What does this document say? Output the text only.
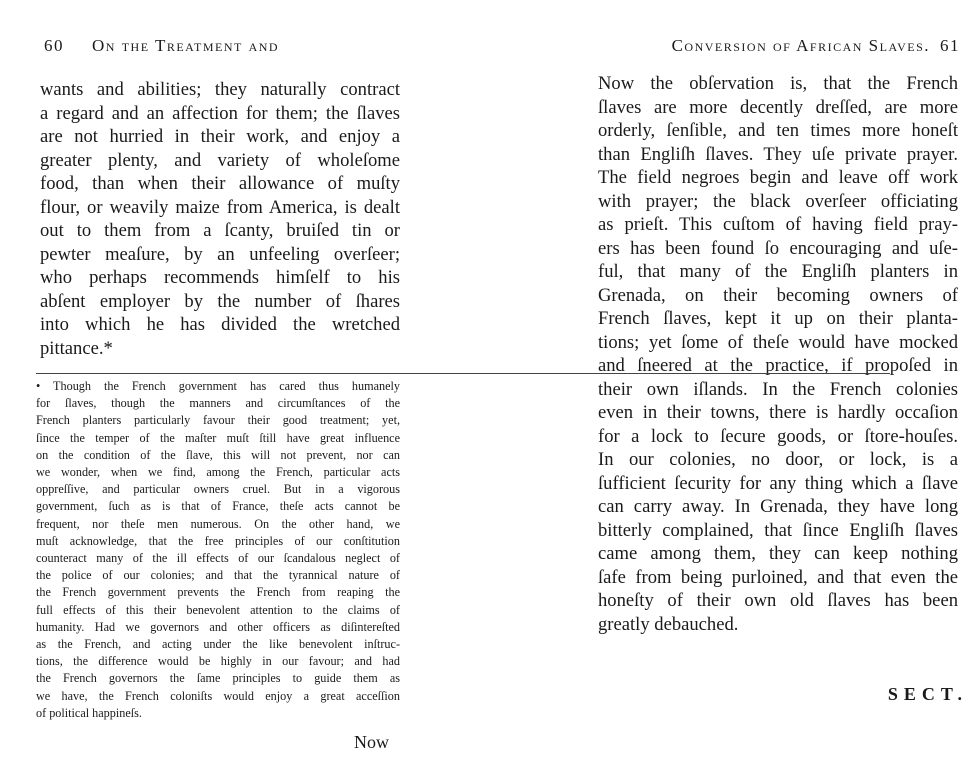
60 On the Treatment and
wants and abilities; they naturally contract
a regard and an affection for them; the ſlaves
are not hurried in their work, and enjoy a
greater plenty, and variety of wholeſome
food, than when their allowance of muſty
flour, or weavily maize from America, is dealt
out to them from a ſcanty, bruiſed tin or
pewter meaſure, by an unfeeling overſeer;
who perhaps recommends himſelf to his
abſent employer by the number of ſhares
into which he has divided the wretched
pittance.*
• Though the French government has cared thus humanely
for ſlaves, though the manners and circumſtances of the
French planters particularly favour their good treatment; yet,
ſince the temper of the maſter muſt ſtill have great influence
on the condition of the ſlave, this will not prevent, nor can
we wonder, when we find, among the French, particular acts
oppreſſive, and particular owners cruel. But in a vigorous
government, ſuch as is that of France, theſe acts cannot be
frequent, nor theſe men numerous. On the other hand, we
muſt acknowledge, that the free principles of our conſtitution
counteract many of the ill effects of our ſcandalous neglect of
the police of our colonies; and that the tyrannical nature of
the French government prevents the French from reaping the
full effects of this their benevolent attention to the claims of
humanity. Had we governors and other officers as diſintereſted
as the French, and acting under the like benevolent inſtruc-
tions, the difference would be highly in our favour; and had
the French governors the ſame principles to guide them as
we have, the French coloniſts would enjoy a great acceſſion
of political happineſs.
Now
Conversion of African Slaves. 61
Now the obſervation is, that the French
ſlaves are more decently dreſſed, are more
orderly, ſenſible, and ten times more honeſt
than Engliſh ſlaves. They uſe private prayer.
The field negroes begin and leave off work
with prayer; the black overſeer officiating
as prieſt. This cuſtom of having field pray-
ers has been found ſo encouraging and uſe-
ful, that many of the Engliſh planters in
Grenada, on their becoming owners of
French ſlaves, kept it up on their planta-
tions; yet ſome of theſe would have mocked
and ſneered at the practice, if propoſed in
their own iſlands. In the French colonies
even in their towns, there is hardly occaſion
for a lock to ſecure goods, or ſtore-houſes.
In our colonies, no door, or lock, is a
ſufficient ſecurity for any thing which a ſlave
can carry away. In Grenada, they have long
bitterly complained, that ſince Engliſh ſlaves
came among them, they can keep nothing
ſafe from being purloined, and that even the
honeſty of their own old ſlaves has been
greatly debauched.
SECT.
